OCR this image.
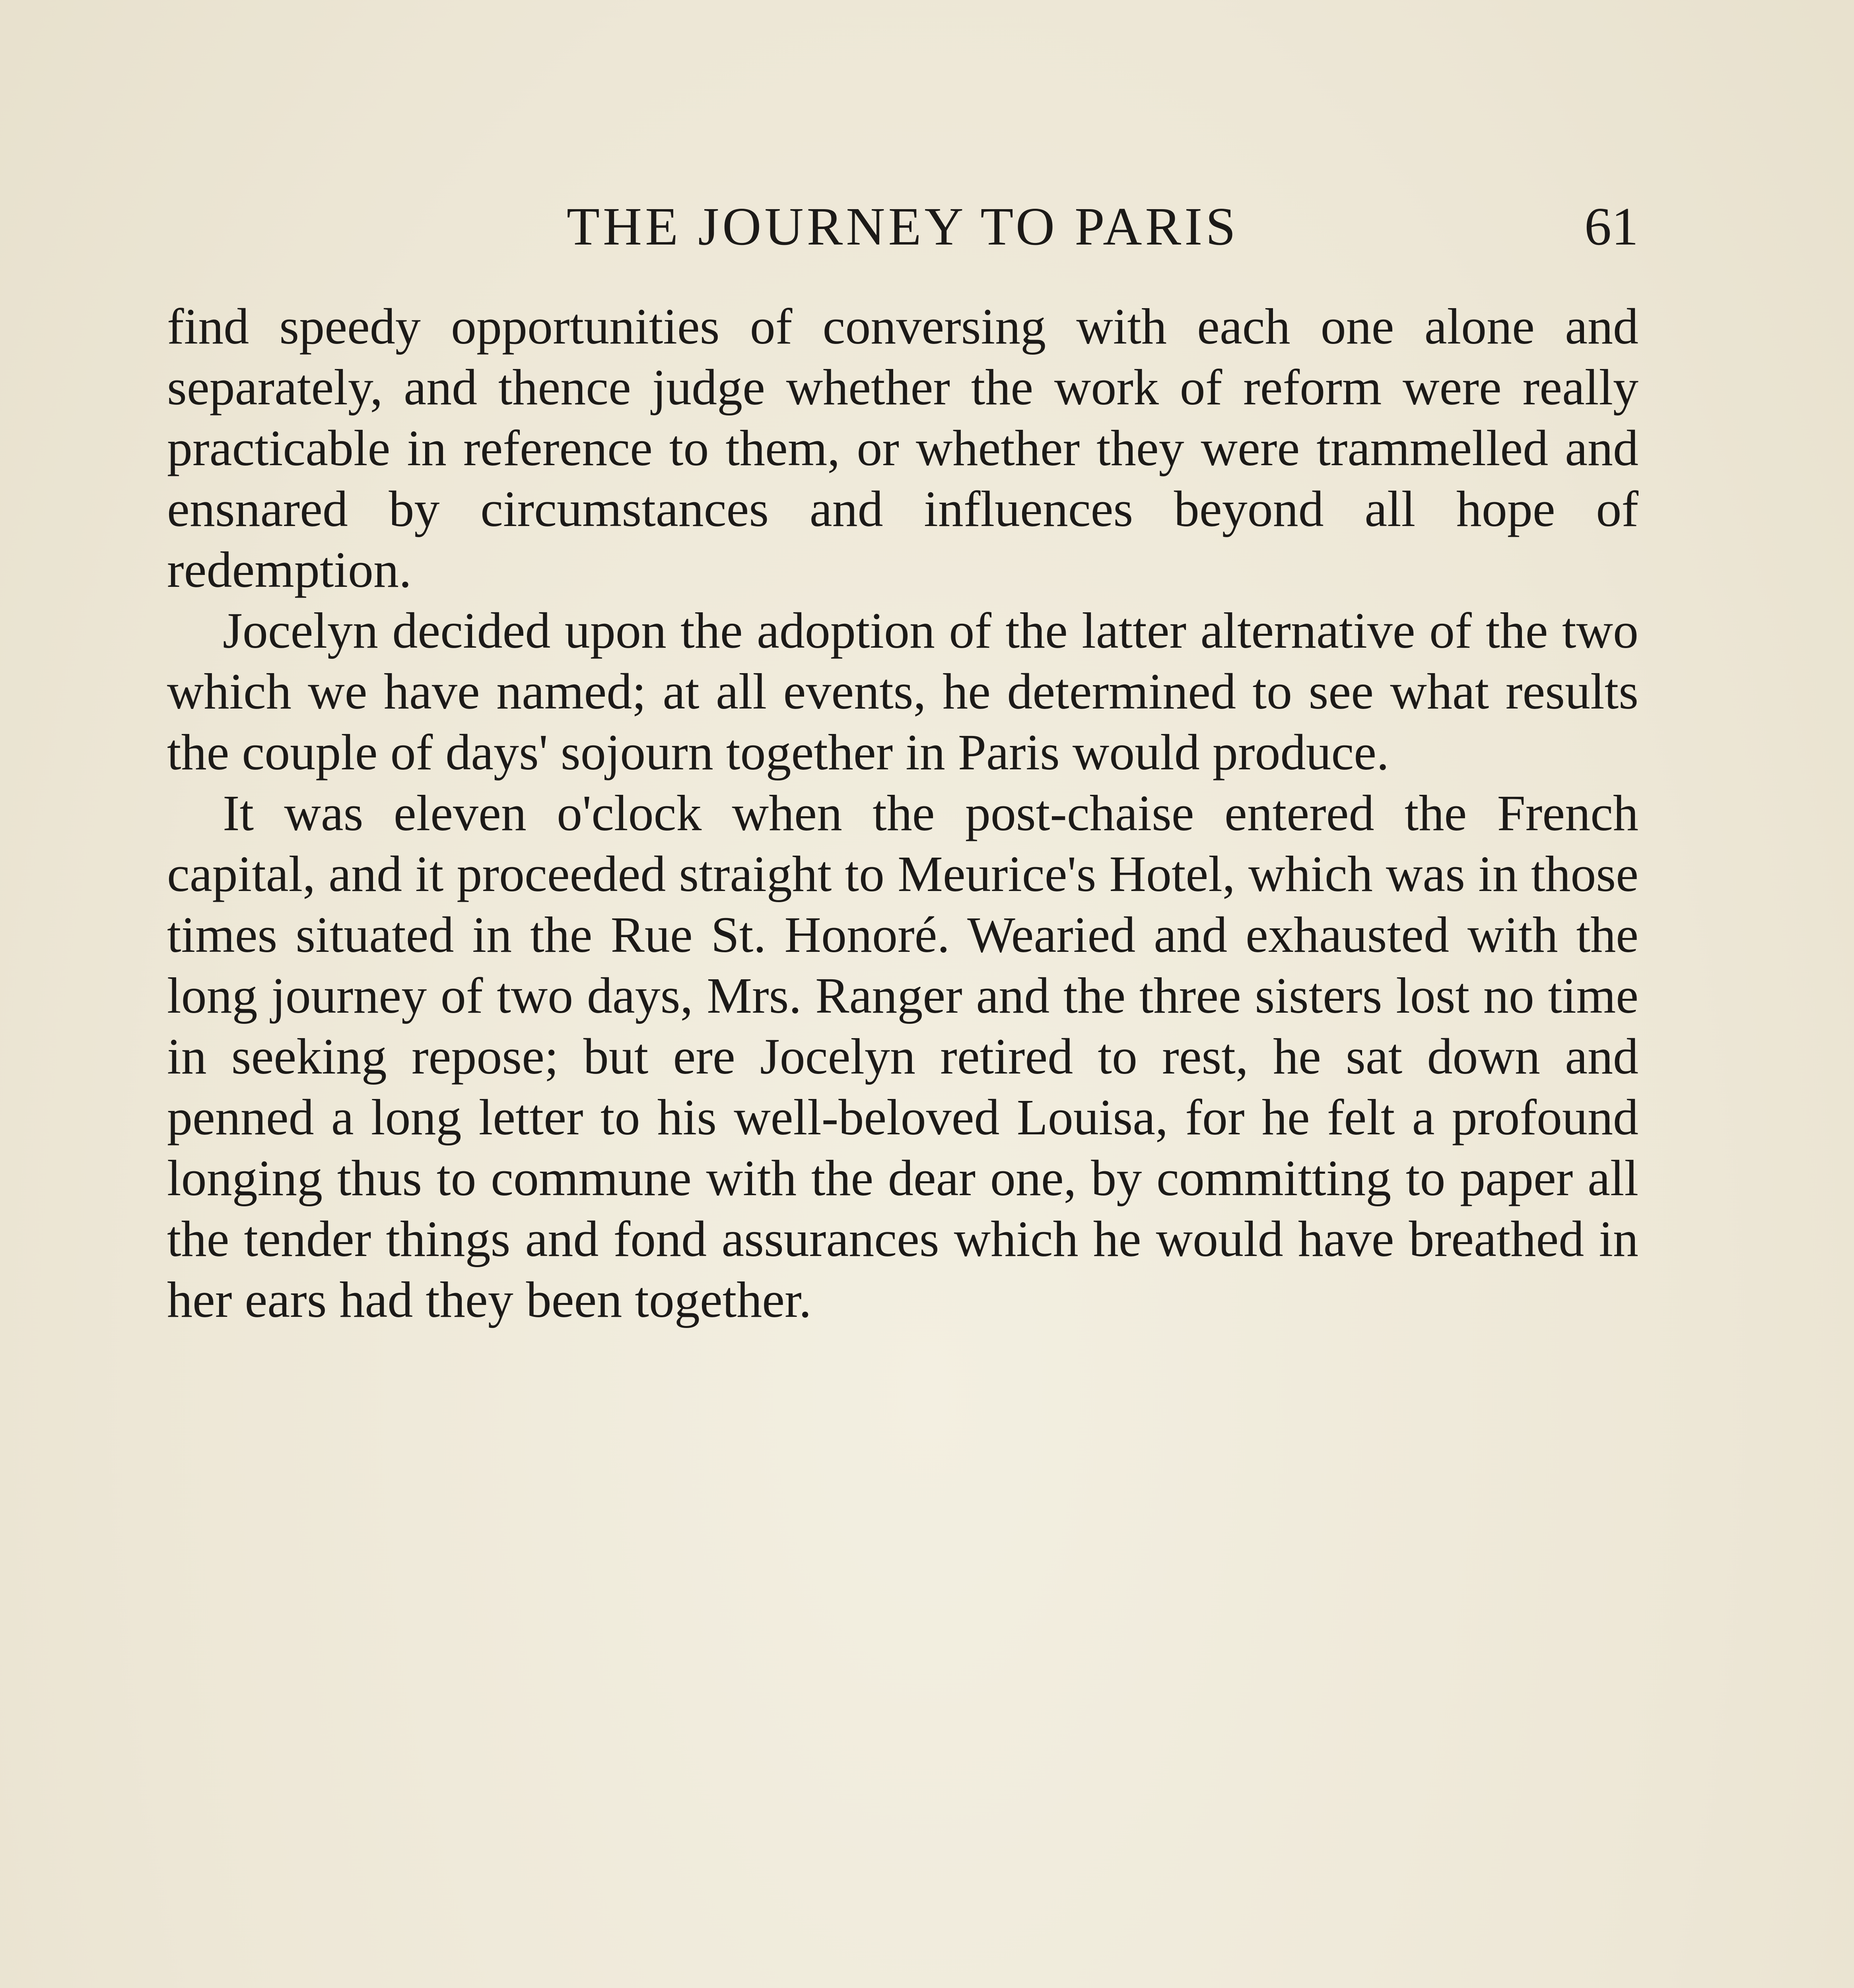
THE JOURNEY TO PARIS	61

find speedy opportunities of conversing with each one alone and separately, and thence judge whether the work of reform were really practicable in reference to them, or whether they were trammelled and ensnared by circumstances and influences beyond all hope of redemption.

Jocelyn decided upon the adoption of the latter alternative of the two which we have named; at all events, he determined to see what results the couple of days' sojourn together in Paris would produce.

It was eleven o'clock when the post-chaise entered the French capital, and it proceeded straight to Meurice's Hotel, which was in those times situated in the Rue St. Honoré. Wearied and exhausted with the long journey of two days, Mrs. Ranger and the three sisters lost no time in seeking repose; but ere Jocelyn retired to rest, he sat down and penned a long letter to his well-beloved Louisa, for he felt a profound longing thus to commune with the dear one, by committing to paper all the tender things and fond assurances which he would have breathed in her ears had they been together.
